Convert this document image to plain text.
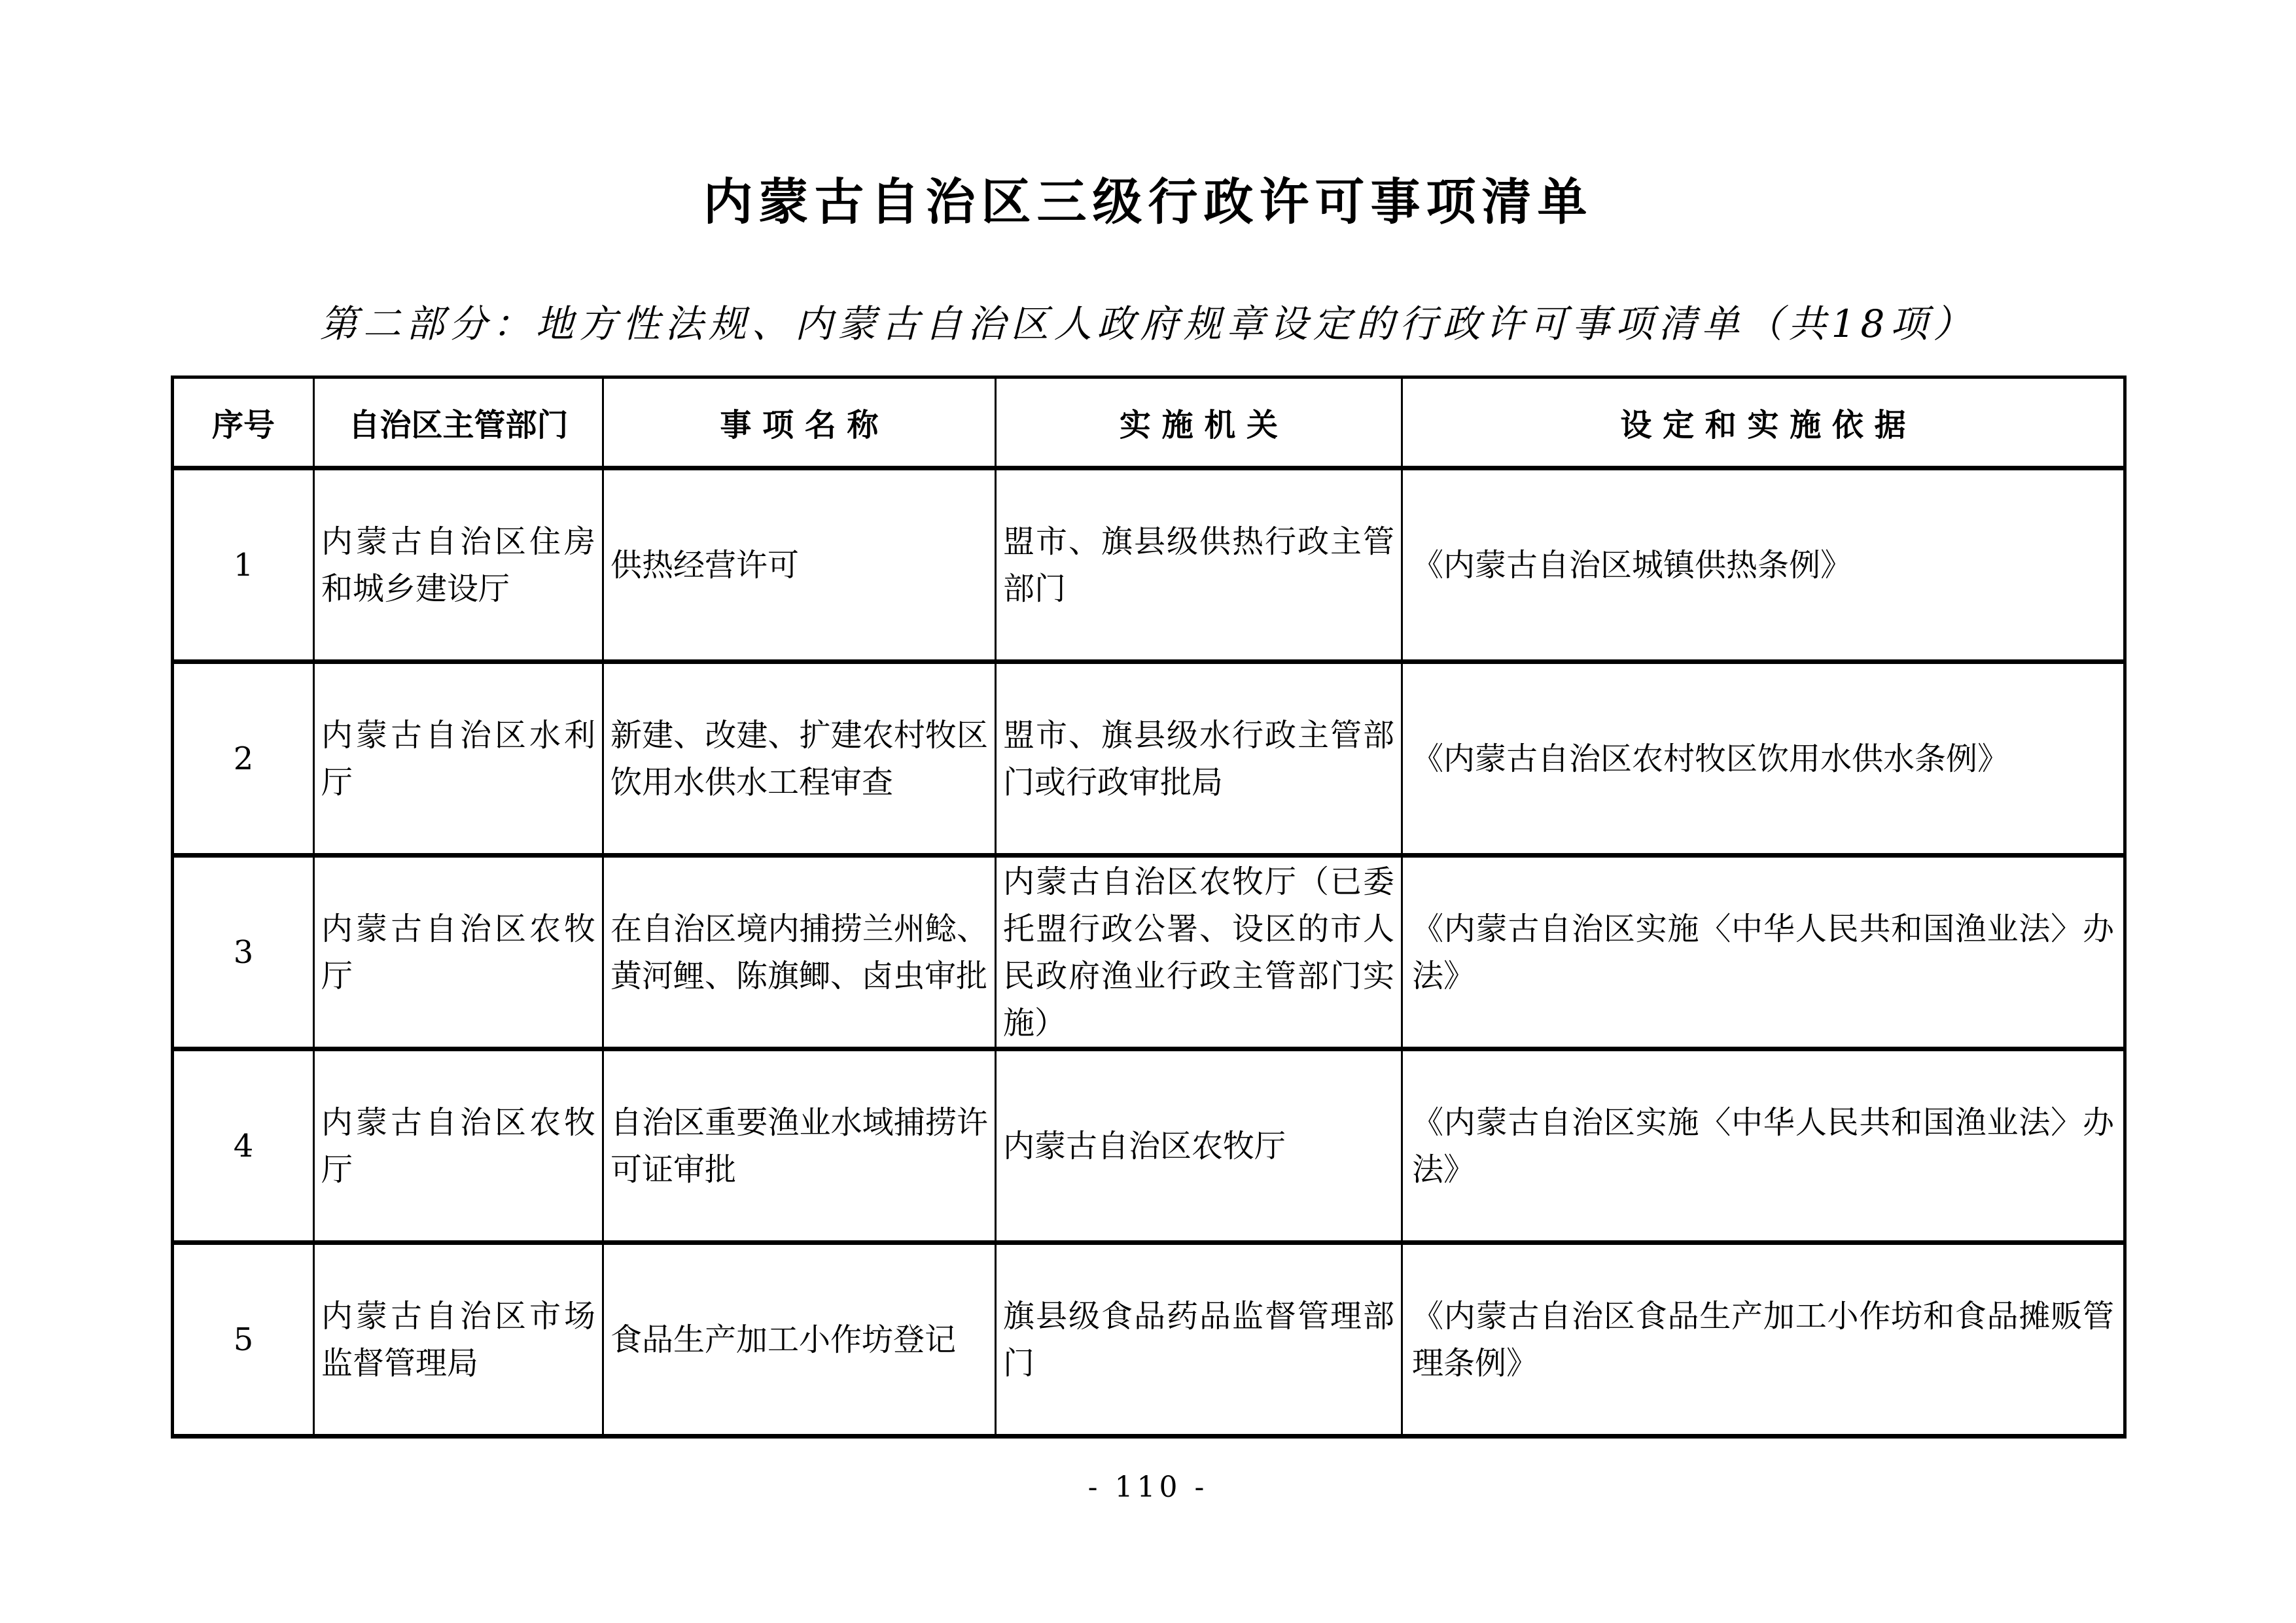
内蒙古自治区三级行政许可事项清单
第二部分：地方性法规、内蒙古自治区人政府规章设定的行政许可事项清单（共18项）
序号	自治区主管部门	事 项 名 称	实 施 机 关	设 定 和 实 施 依 据
1	内蒙古自治区住房和城乡建设厅	供热经营许可	盟市、旗县级供热行政主管部门	《内蒙古自治区城镇供热条例》
2	内蒙古自治区水利厅	新建、改建、扩建农村牧区饮用水供水工程审查	盟市、旗县级水行政主管部门或行政审批局	《内蒙古自治区农村牧区饮用水供水条例》
3	内蒙古自治区农牧厅	在自治区境内捕捞兰州鲶、黄河鲤、陈旗鲫、卤虫审批	内蒙古自治区农牧厅（已委托盟行政公署、设区的市人民政府渔业行政主管部门实施）	《内蒙古自治区实施〈中华人民共和国渔业法〉办法》
4	内蒙古自治区农牧厅	自治区重要渔业水域捕捞许可证审批	内蒙古自治区农牧厅	《内蒙古自治区实施〈中华人民共和国渔业法〉办法》
5	内蒙古自治区市场监督管理局	食品生产加工小作坊登记	旗县级食品药品监督管理部门	《内蒙古自治区食品生产加工小作坊和食品摊贩管理条例》
- 110 -
